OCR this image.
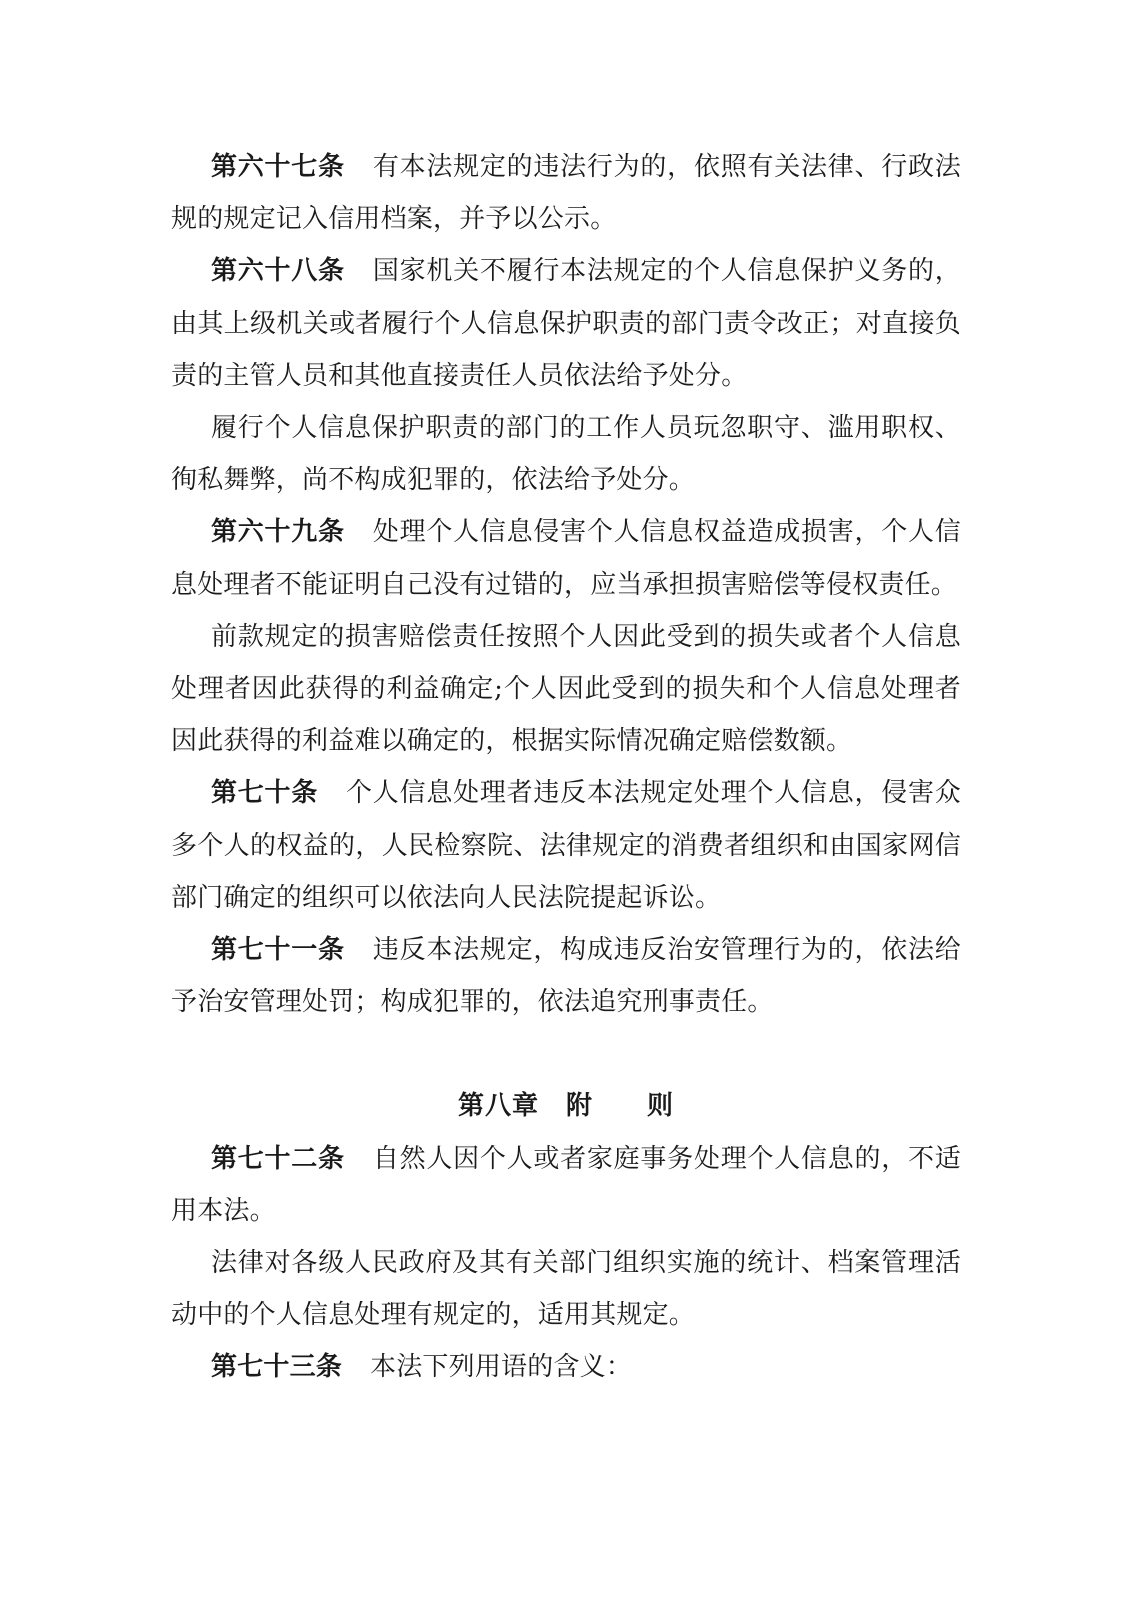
第六十七条 有本法规定的违法行为的，依照有关法律、行政法规的规定记入信用档案，并予以公示。

第六十八条 国家机关不履行本法规定的个人信息保护义务的，由其上级机关或者履行个人信息保护职责的部门责令改正；对直接负责的主管人员和其他直接责任人员依法给予处分。

履行个人信息保护职责的部门的工作人员玩忽职守、滥用职权、徇私舞弊，尚不构成犯罪的，依法给予处分。

第六十九条 处理个人信息侵害个人信息权益造成损害，个人信息处理者不能证明自己没有过错的，应当承担损害赔偿等侵权责任。

前款规定的损害赔偿责任按照个人因此受到的损失或者个人信息处理者因此获得的利益确定;个人因此受到的损失和个人信息处理者因此获得的利益难以确定的，根据实际情况确定赔偿数额。

第七十条 个人信息处理者违反本法规定处理个人信息，侵害众多个人的权益的，人民检察院、法律规定的消费者组织和由国家网信部门确定的组织可以依法向人民法院提起诉讼。

第七十一条 违反本法规定，构成违反治安管理行为的，依法给予治安管理处罚；构成犯罪的，依法追究刑事责任。

第八章　附　　则

第七十二条 自然人因个人或者家庭事务处理个人信息的，不适用本法。

法律对各级人民政府及其有关部门组织实施的统计、档案管理活动中的个人信息处理有规定的，适用其规定。

第七十三条 本法下列用语的含义：
